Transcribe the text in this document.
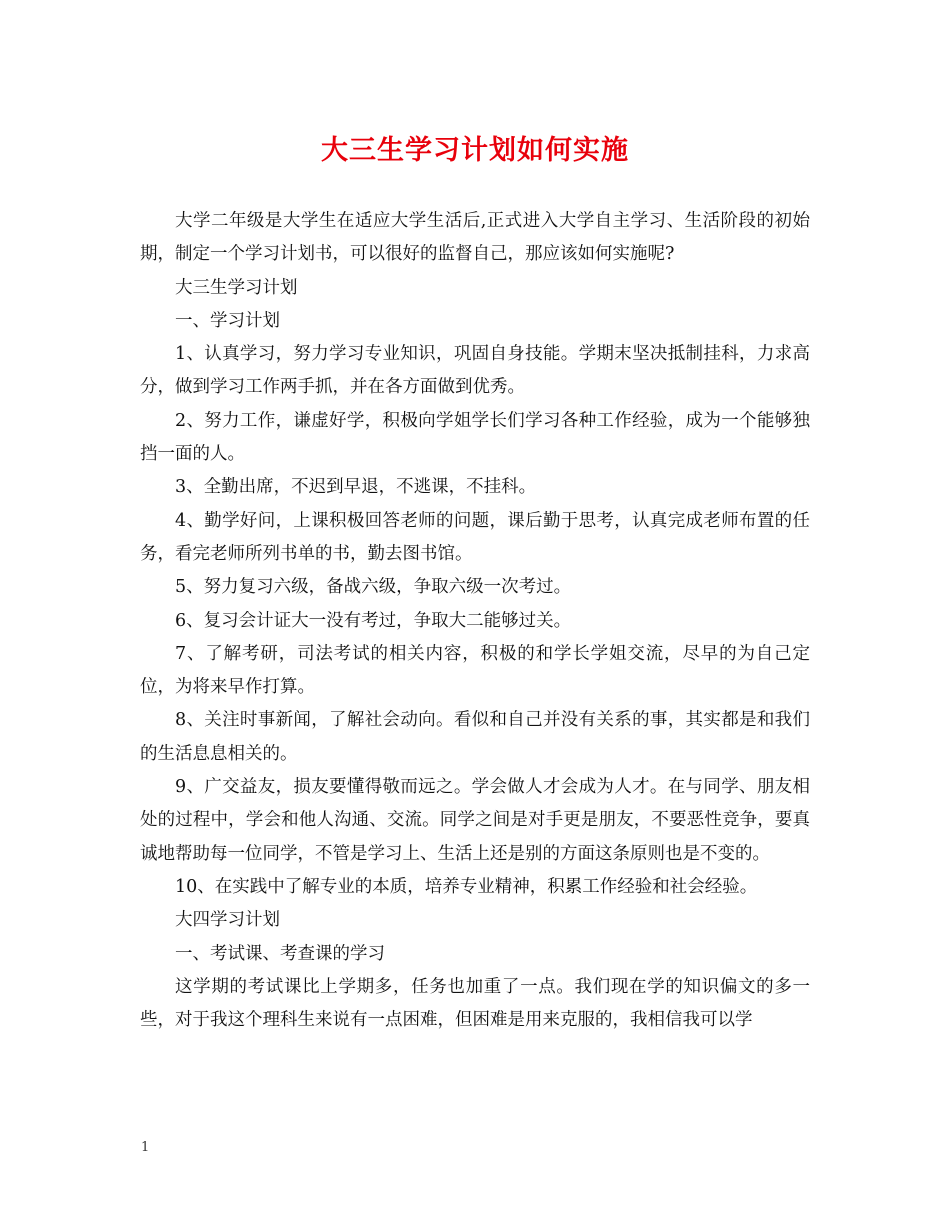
大三生学习计划如何实施

大学二年级是大学生在适应大学生活后,正式进入大学自主学习、生活阶段的初始期，制定一个学习计划书，可以很好的监督自己，那应该如何实施呢?

大三生学习计划

一、学习计划

1、认真学习，努力学习专业知识，巩固自身技能。学期末坚决抵制挂科，力求高分，做到学习工作两手抓，并在各方面做到优秀。

2、努力工作，谦虚好学，积极向学姐学长们学习各种工作经验，成为一个能够独挡一面的人。

3、全勤出席，不迟到早退，不逃课，不挂科。

4、勤学好问，上课积极回答老师的问题，课后勤于思考，认真完成老师布置的任务，看完老师所列书单的书，勤去图书馆。

5、努力复习六级，备战六级，争取六级一次考过。

6、复习会计证大一没有考过，争取大二能够过关。

7、了解考研，司法考试的相关内容，积极的和学长学姐交流，尽早的为自己定位，为将来早作打算。

8、关注时事新闻，了解社会动向。看似和自己并没有关系的事，其实都是和我们的生活息息相关的。

9、广交益友，损友要懂得敬而远之。学会做人才会成为人才。在与同学、朋友相处的过程中，学会和他人沟通、交流。同学之间是对手更是朋友，不要恶性竞争，要真诚地帮助每一位同学，不管是学习上、生活上还是别的方面这条原则也是不变的。

10、在实践中了解专业的本质，培养专业精神，积累工作经验和社会经验。

大四学习计划

一、考试课、考查课的学习

这学期的考试课比上学期多，任务也加重了一点。我们现在学的知识偏文的多一些，对于我这个理科生来说有一点困难，但困难是用来克服的，我相信我可以学

1
